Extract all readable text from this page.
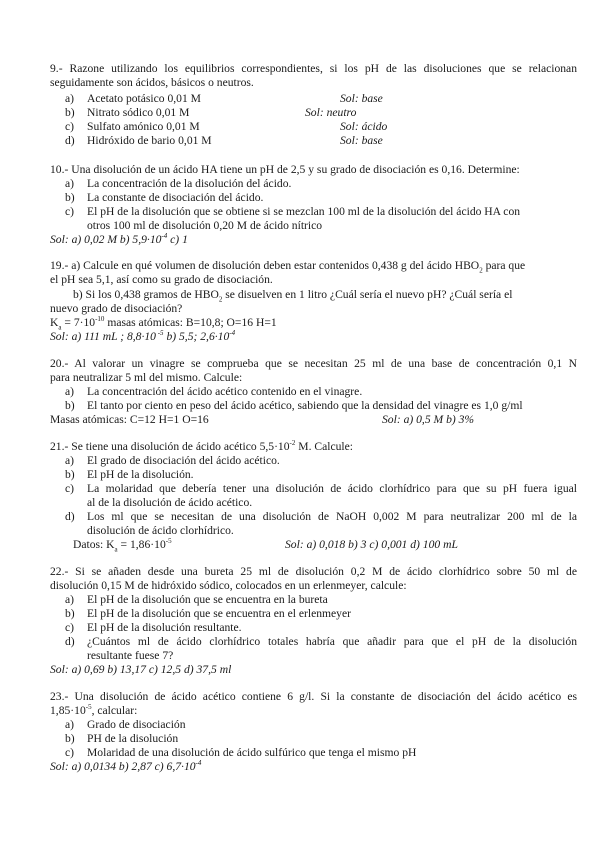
9.- Razone utilizando los equilibrios correspondientes, si los pH de las disoluciones que se relacionan
seguidamente son ácidos, básicos o neutros.
a) Acetato potásico 0,01 M	Sol: base
b) Nitrato sódico 0,01 M	Sol: neutro
c) Sulfato amónico 0,01 M	Sol: ácido
d) Hidróxido de bario 0,01 M	Sol: base
10.- Una disolución de un ácido HA tiene un pH de 2,5 y su grado de disociación es 0,16. Determine:
a) La concentración de la disolución del ácido.
b) La constante de disociación del ácido.
c) El pH de la disolución que se obtiene si se mezclan 100 ml de la disolución del ácido HA con
otros 100 ml de disolución 0,20 M de ácido nítrico
Sol: a) 0,02 M b) $5,9\cdot 10^{-4}$ c) 1
19.- a) Calcule en qué volumen de disolución deben estar contenidos 0,438 g del ácido $HBO_2$ para que
el pH sea 5,1, así como su grado de disociación.
b) Si los 0,438 gramos de $HBO_2$ se disuelven en 1 litro ¿Cuál sería el nuevo pH? ¿Cuál sería el
nuevo grado de disociación?
$K_a = 7\cdot 10^{-10}$ masas atómicas: B=10,8; O=16 H=1
Sol: a) 111 mL ; 8,8·10 $^{-5}$ b) 5,5; $2,6\cdot 10^{-4}$
20.- Al valorar un vinagre se comprueba que se necesitan 25 ml de una base de concentración 0,1 N
para neutralizar 5 ml del mismo. Calcule:
a) La concentración del ácido acético contenido en el vinagre.
b) El tanto por ciento en peso del ácido acético, sabiendo que la densidad del vinagre es 1,0 g/ml
Masas atómicas: C=12 H=1 O=16	Sol: a) 0,5 M b) 3%
21.- Se tiene una disolución de ácido acético $5,5\cdot 10^{-2}$ M. Calcule:
a) El grado de disociación del ácido acético.
b) El pH de la disolución.
c) La molaridad que debería tener una disolución de ácido clorhídrico para que su pH fuera igual
al de la disolución de ácido acético.
d) Los ml que se necesitan de una disolución de NaOH 0,002 M para neutralizar 200 ml de la
disolución de ácido clorhídrico.
Datos: $K_a = 1,86\cdot 10^{-5}$	Sol: a) 0,018 b) 3 c) 0,001 d) 100 mL
22.- Si se añaden desde una bureta 25 ml de disolución 0,2 M de ácido clorhídrico sobre 50 ml de
disolución 0,15 M de hidróxido sódico, colocados en un erlenmeyer, calcule:
a) El pH de la disolución que se encuentra en la bureta
b) El pH de la disolución que se encuentra en el erlenmeyer
c) El pH de la disolución resultante.
d) ¿Cuántos ml de ácido clorhídrico totales habría que añadir para que el pH de la disolución
resultante fuese 7?
Sol: a) 0,69 b) 13,17 c) 12,5 d) 37,5 ml
23.- Una disolución de ácido acético contiene 6 g/l. Si la constante de disociación del ácido acético es
$1,85\cdot 10^{-5}$, calcular:
a) Grado de disociación
b) PH de la disolución
c) Molaridad de una disolución de ácido sulfúrico que tenga el mismo pH
Sol: a) 0,0134 b) 2,87 c) $6,7\cdot 10^{-4}$
